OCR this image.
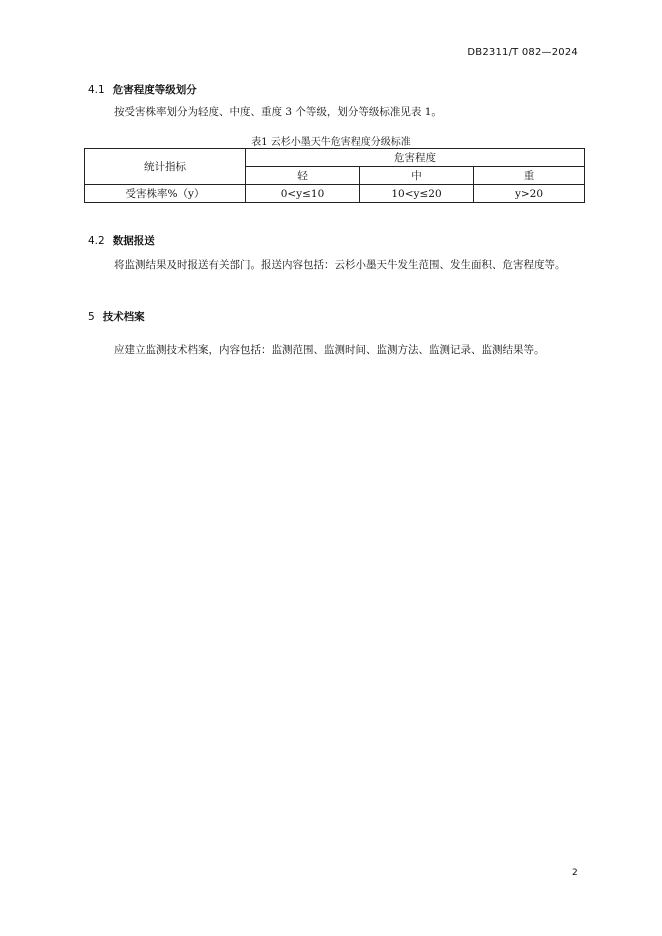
DB2311/T 082—2024
4.1 危害程度等级划分
按受害株率划分为轻度、中度、重度 3 个等级，划分等级标准见表 1。
表1 云杉小墨天牛危害程度分级标准
统计指标	危害程度		
	轻	中	重
受害株率%（y）	0<y≤10	10<y≤20	y>20
4.2 数据报送
将监测结果及时报送有关部门。报送内容包括：云杉小墨天牛发生范围、发生面积、危害程度等。
5 技术档案
应建立监测技术档案，内容包括：监测范围、监测时间、监测方法、监测记录、监测结果等。
2
